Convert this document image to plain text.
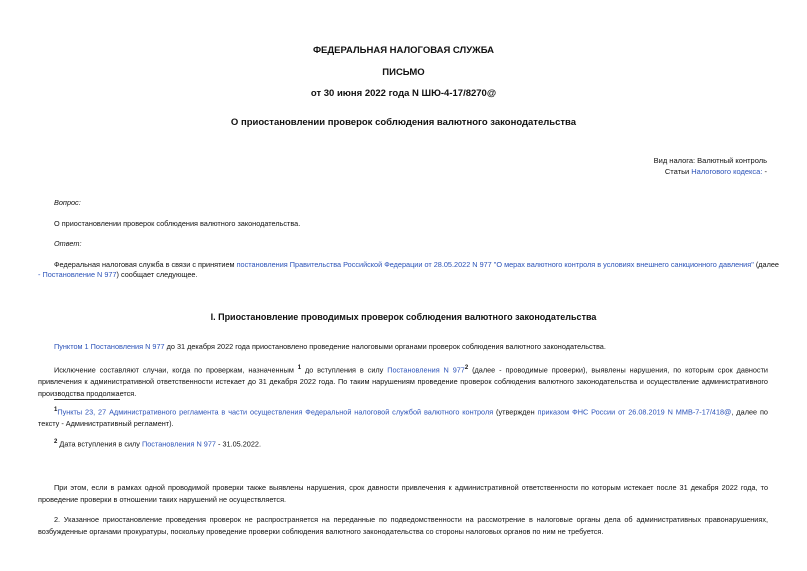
ФЕДЕРАЛЬНАЯ НАЛОГОВАЯ СЛУЖБА
ПИСЬМО
от 30 июня 2022 года N ШЮ-4-17/8270@
О приостановлении проверок соблюдения валютного законодательства
Вид налога: Валютный контроль
Статьи Налогового кодекса: -
Вопрос:
О приостановлении проверок соблюдения валютного законодательства.
Ответ:
Федеральная налоговая служба в связи с принятием постановления Правительства Российской Федерации от 28.05.2022 N 977 "О мерах валютного контроля в условиях внешнего санкционного давления" (далее
- Постановление N 977) сообщает следующее.
I. Приостановление проводимых проверок соблюдения валютного законодательства
Пунктом 1 Постановления N 977 до 31 декабря 2022 года приостановлено проведение налоговыми органами проверок соблюдения валютного законодательства.
Исключение составляют случаи, когда по проверкам, назначенным $^1$ до вступления в силу Постановления N 977$^2$ (далее - проводимые проверки), выявлены нарушения, по которым срок давности привлечения к административной ответственности истекает до 31 декабря 2022 года. По таким нарушениям проведение проверок соблюдения валютного законодательства и осуществление административного производства продолжается.
$^1$Пункты 23, 27 Административного регламента в части осуществления Федеральной налоговой службой валютного контроля (утвержден приказом ФНС России от 26.08.2019 N ММВ-7-17/418@, далее по тексту - Административный регламент).
$^2$ Дата вступления в силу Постановления N 977 - 31.05.2022.
При этом, если в рамках одной проводимой проверки также выявлены нарушения, срок давности привлечения к административной ответственности по которым истекает после 31 декабря 2022 года, то проведение проверки в отношении таких нарушений не осуществляется.
2. Указанное приостановление проведения проверок не распространяется на переданные по подведомственности на рассмотрение в налоговые органы дела об административных правонарушениях, возбужденные органами прокуратуры, поскольку проведение проверки соблюдения валютного законодательства со стороны налоговых органов по ним не требуется.
